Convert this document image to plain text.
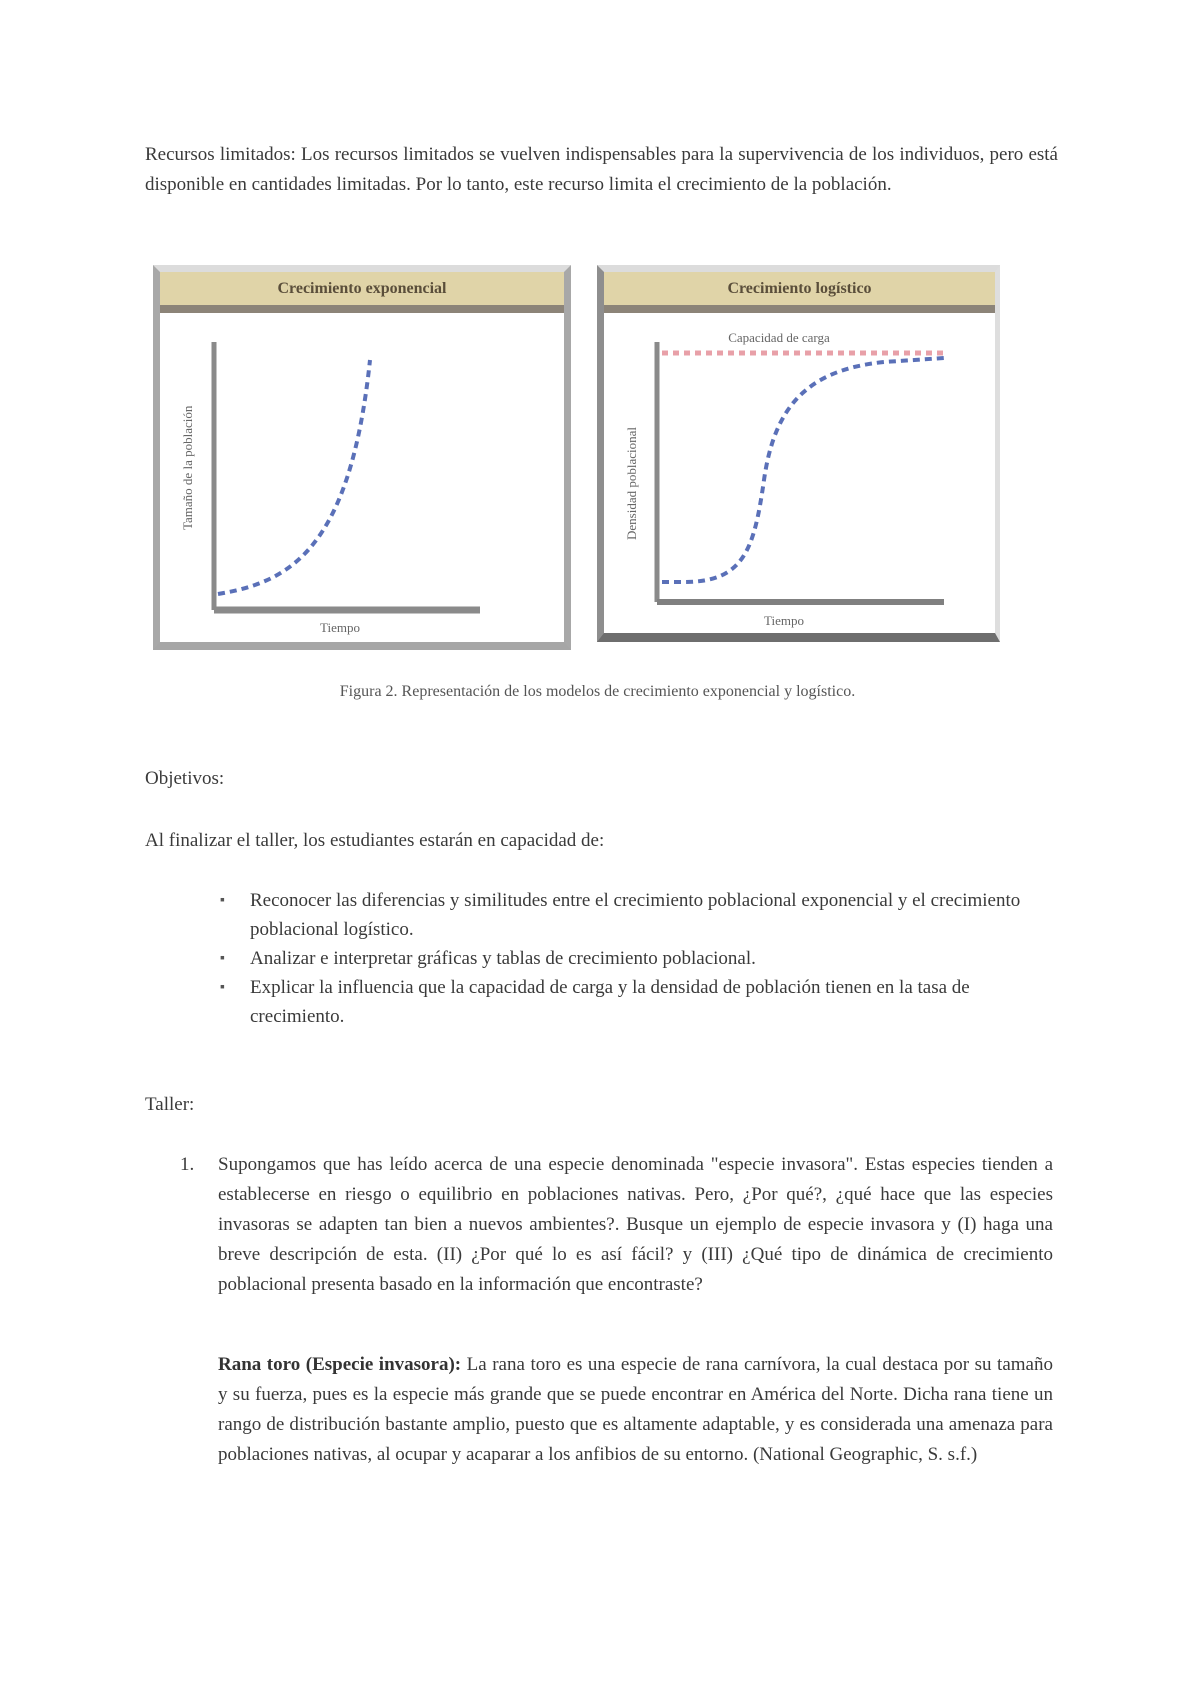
Recursos limitados: Los recursos limitados se vuelven indispensables para la supervivencia de los individuos, pero está disponible en cantidades limitadas. Por lo tanto, este recurso limita el crecimiento de la población.
Crecimiento exponencial
Tamaño de la población
Tiempo
Crecimiento logístico
Capacidad de carga
Densidad poblacional
Tiempo
Figura 2. Representación de los modelos de crecimiento exponencial y logístico.
Objetivos:
Al finalizar el taller, los estudiantes estarán en capacidad de:
▪ Reconocer las diferencias y similitudes entre el crecimiento poblacional exponencial y el crecimiento poblacional logístico.
▪ Analizar e interpretar gráficas y tablas de crecimiento poblacional.
▪ Explicar la influencia que la capacidad de carga y la densidad de población tienen en la tasa de crecimiento.
Taller:
1. Supongamos que has leído acerca de una especie denominada "especie invasora". Estas especies tienden a establecerse en riesgo o equilibrio en poblaciones nativas. Pero, ¿Por qué?, ¿qué hace que las especies invasoras se adapten tan bien a nuevos ambientes?. Busque un ejemplo de especie invasora y (I) haga una breve descripción de esta. (II) ¿Por qué lo es así fácil? y (III) ¿Qué tipo de dinámica de crecimiento poblacional presenta basado en la información que encontraste?
Rana toro (Especie invasora): La rana toro es una especie de rana carnívora, la cual destaca por su tamaño y su fuerza, pues es la especie más grande que se puede encontrar en América del Norte. Dicha rana tiene un rango de distribución bastante amplio, puesto que es altamente adaptable, y es considerada una amenaza para poblaciones nativas, al ocupar y acaparar a los anfibios de su entorno. (National Geographic, S. s.f.)
